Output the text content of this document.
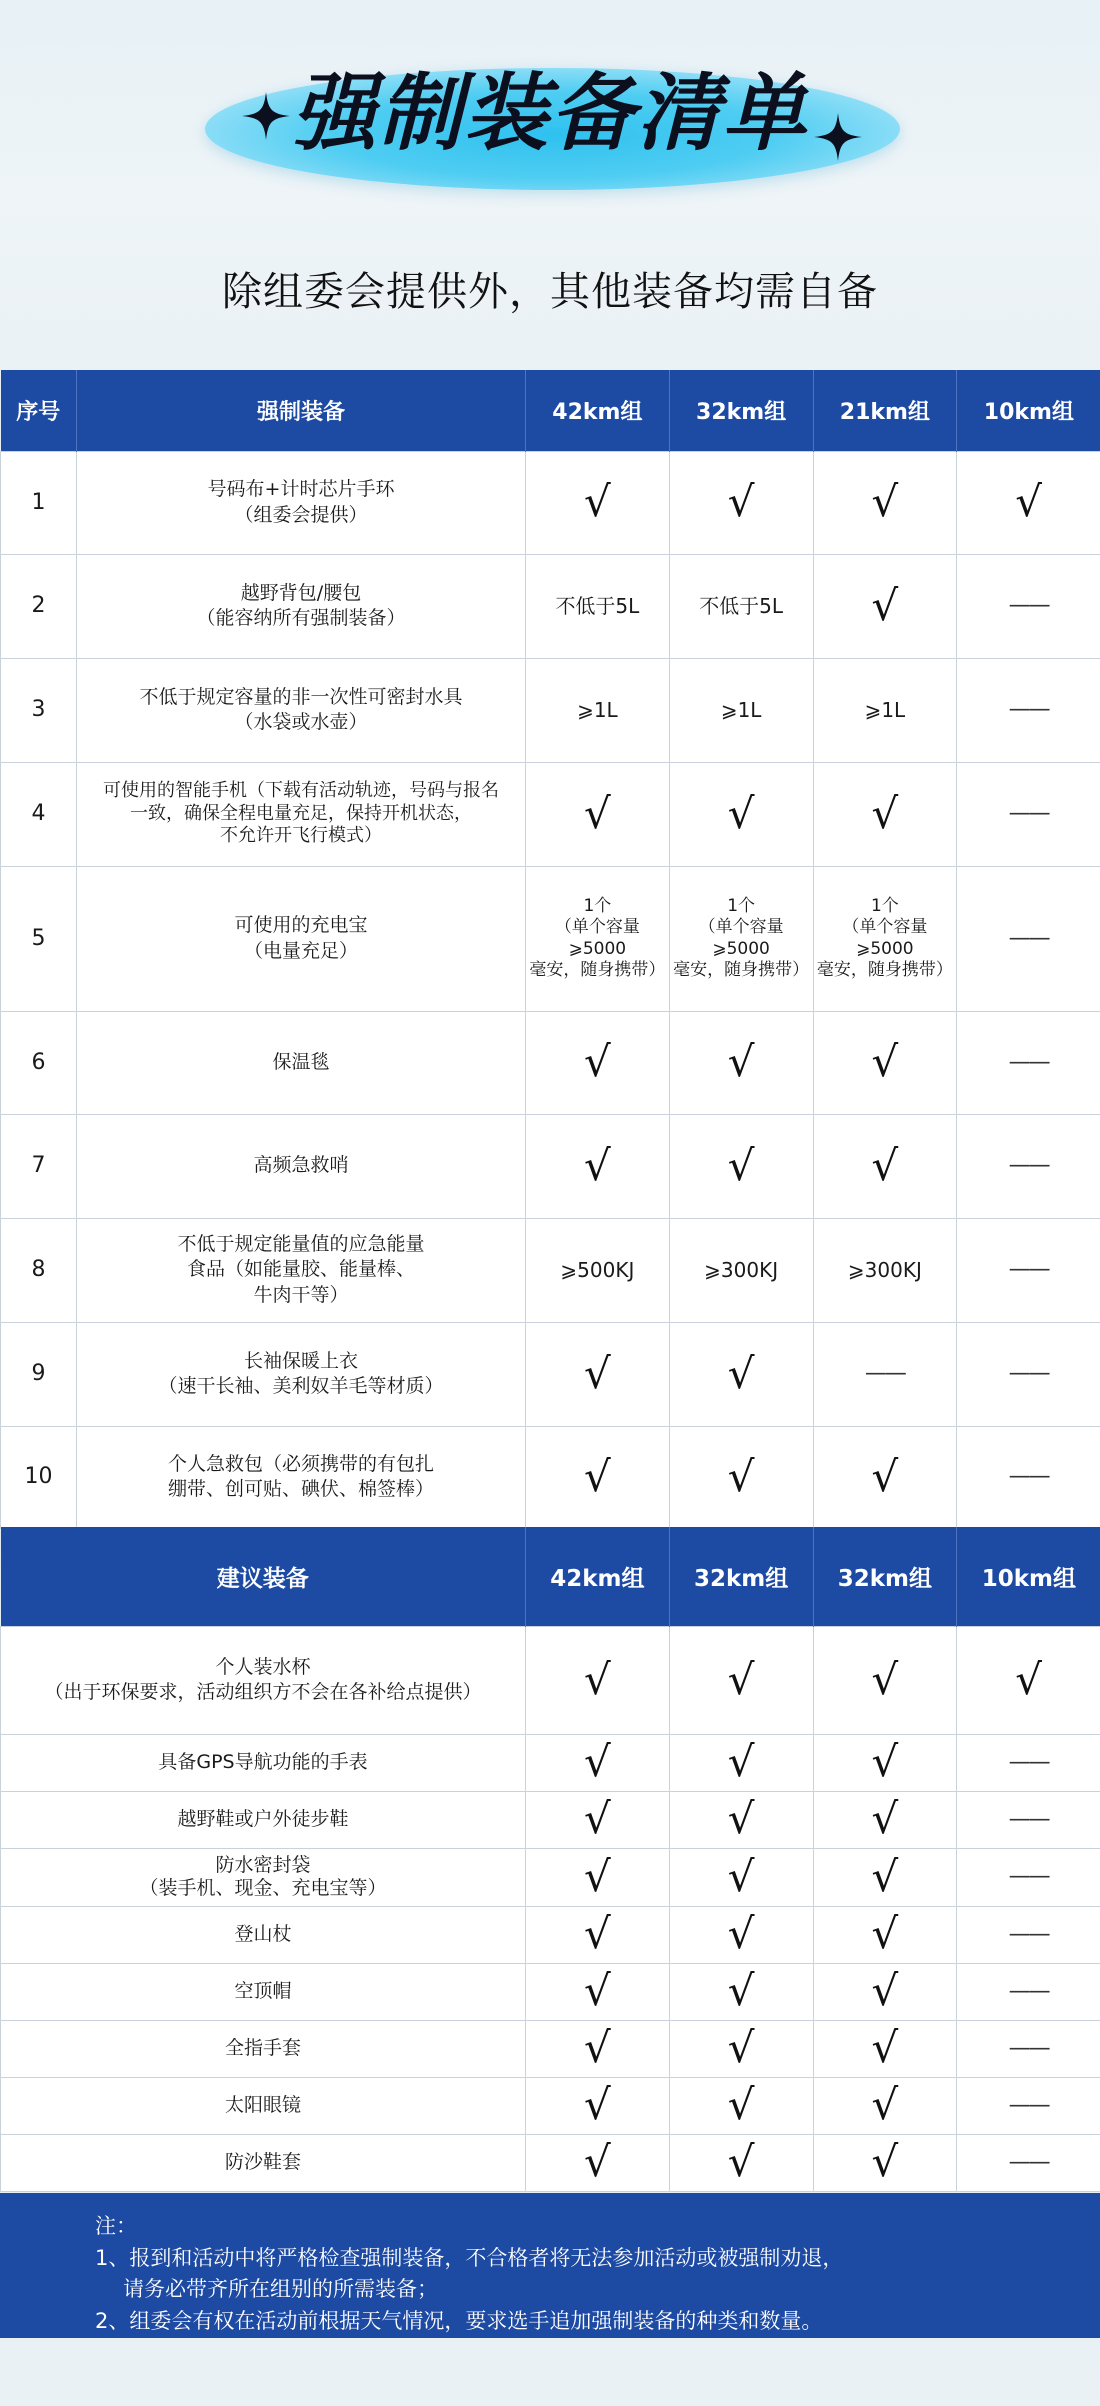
强制装备清单
除组委会提供外，其他装备均需自备
序号	强制装备	42km组	32km组	21km组	10km组
1	号码布+计时芯片手环
（组委会提供）	√	√	√	√
2	越野背包/腰包
（能容纳所有强制装备）	不低于5L	不低于5L	√	——
3	不低于规定容量的非一次性可密封水具
（水袋或水壶）	⩾1L	⩾1L	⩾1L	——
4	可使用的智能手机（下载有活动轨迹，号码与报名
一致，确保全程电量充足，保持开机状态，
不允许开飞行模式）	√	√	√	——
5	可使用的充电宝
（电量充足）	1个
（单个容量⩾5000
毫安，随身携带）	1个
（单个容量⩾5000
毫安，随身携带）	1个
（单个容量⩾5000
毫安，随身携带）	——
6	保温毯	√	√	√	——
7	高频急救哨	√	√	√	——
8	不低于规定能量值的应急能量
食品（如能量胶、能量棒、
牛肉干等）	⩾500KJ	⩾300KJ	⩾300KJ	——
9	长袖保暖上衣
（速干长袖、美利奴羊毛等材质）	√	√	——	——
10	个人急救包（必须携带的有包扎
绷带、创可贴、碘伏、棉签棒）	√	√	√	——
建议装备	42km组	32km组	32km组	10km组
个人装水杯
（出于环保要求，活动组织方不会在各补给点提供）	√	√	√	√
具备GPS导航功能的手表	√	√	√	——
越野鞋或户外徒步鞋	√	√	√	——
防水密封袋
（装手机、现金、充电宝等）	√	√	√	——
登山杖	√	√	√	——
空顶帽	√	√	√	——
全指手套	√	√	√	——
太阳眼镜	√	√	√	——
防沙鞋套	√	√	√	——
注：
1、报到和活动中将严格检查强制装备，不合格者将无法参加活动或被强制劝退，
请务必带齐所在组别的所需装备；
2、组委会有权在活动前根据天气情况，要求选手追加强制装备的种类和数量。
